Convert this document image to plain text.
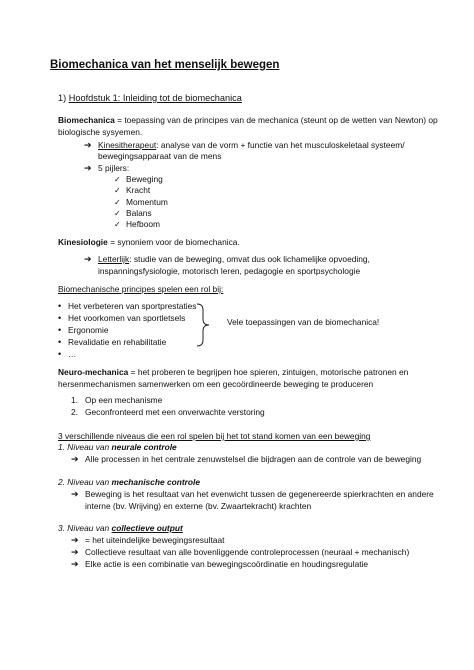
Biomechanica van het menselijk bewegen
1) Hoofdstuk 1: Inleiding tot de biomechanica
Biomechanica = toepassing van de principes van de mechanica (steunt op de wetten van Newton) op
biologische sysyemen.
➔ Kinesitherapeut: analyse van de vorm + functie van het musculoskeletaal systeem/
bewegingsapparaat van de mens
➔ 5 pijlers:
✓ Beweging
✓ Kracht
✓ Momentum
✓ Balans
✓ Hefboom
Kinesiologie = synoniem voor de biomechanica.
➔ Letterlijk: studie van de beweging, omvat dus ook lichamelijke opvoeding,
inspanningsfysiologie, motorisch leren, pedagogie en sportpsychologie
Biomechanische principes spelen een rol bij:
• Het verbeteren van sportprestaties
• Het voorkomen van sportletsels
• Ergonomie
• Revalidatie en rehabilitatie
• …
Vele toepassingen van de biomechanica!
Neuro-mechanica = het proberen te begrijpen hoe spieren, zintuigen, motorische patronen en
hersenmechanismen samenwerken om een gecoördineerde beweging te produceren
1. Op een mechanisme
2. Geconfronteerd met een onverwachte verstoring
3 verschillende niveaus die een rol spelen bij het tot stand komen van een beweging
1. Niveau van neurale controle
➔ Alle processen in het centrale zenuwstelsel die bijdragen aan de controle van de beweging
2. Niveau van mechanische controle
➔ Beweging is het resultaat van het evenwicht tussen de gegenereerde spierkrachten en andere
interne (bv. Wrijving) en externe (bv. Zwaartekracht) krachten
3. Niveau van collectieve output
➔ = het uiteindelijke bewegingsresultaat
➔ Collectieve resultaat van alle bovenliggende controleprocessen (neuraal + mechanisch)
➔ Elke actie is een combinatie van bewegingscoördinatie en houdingsregulatie
